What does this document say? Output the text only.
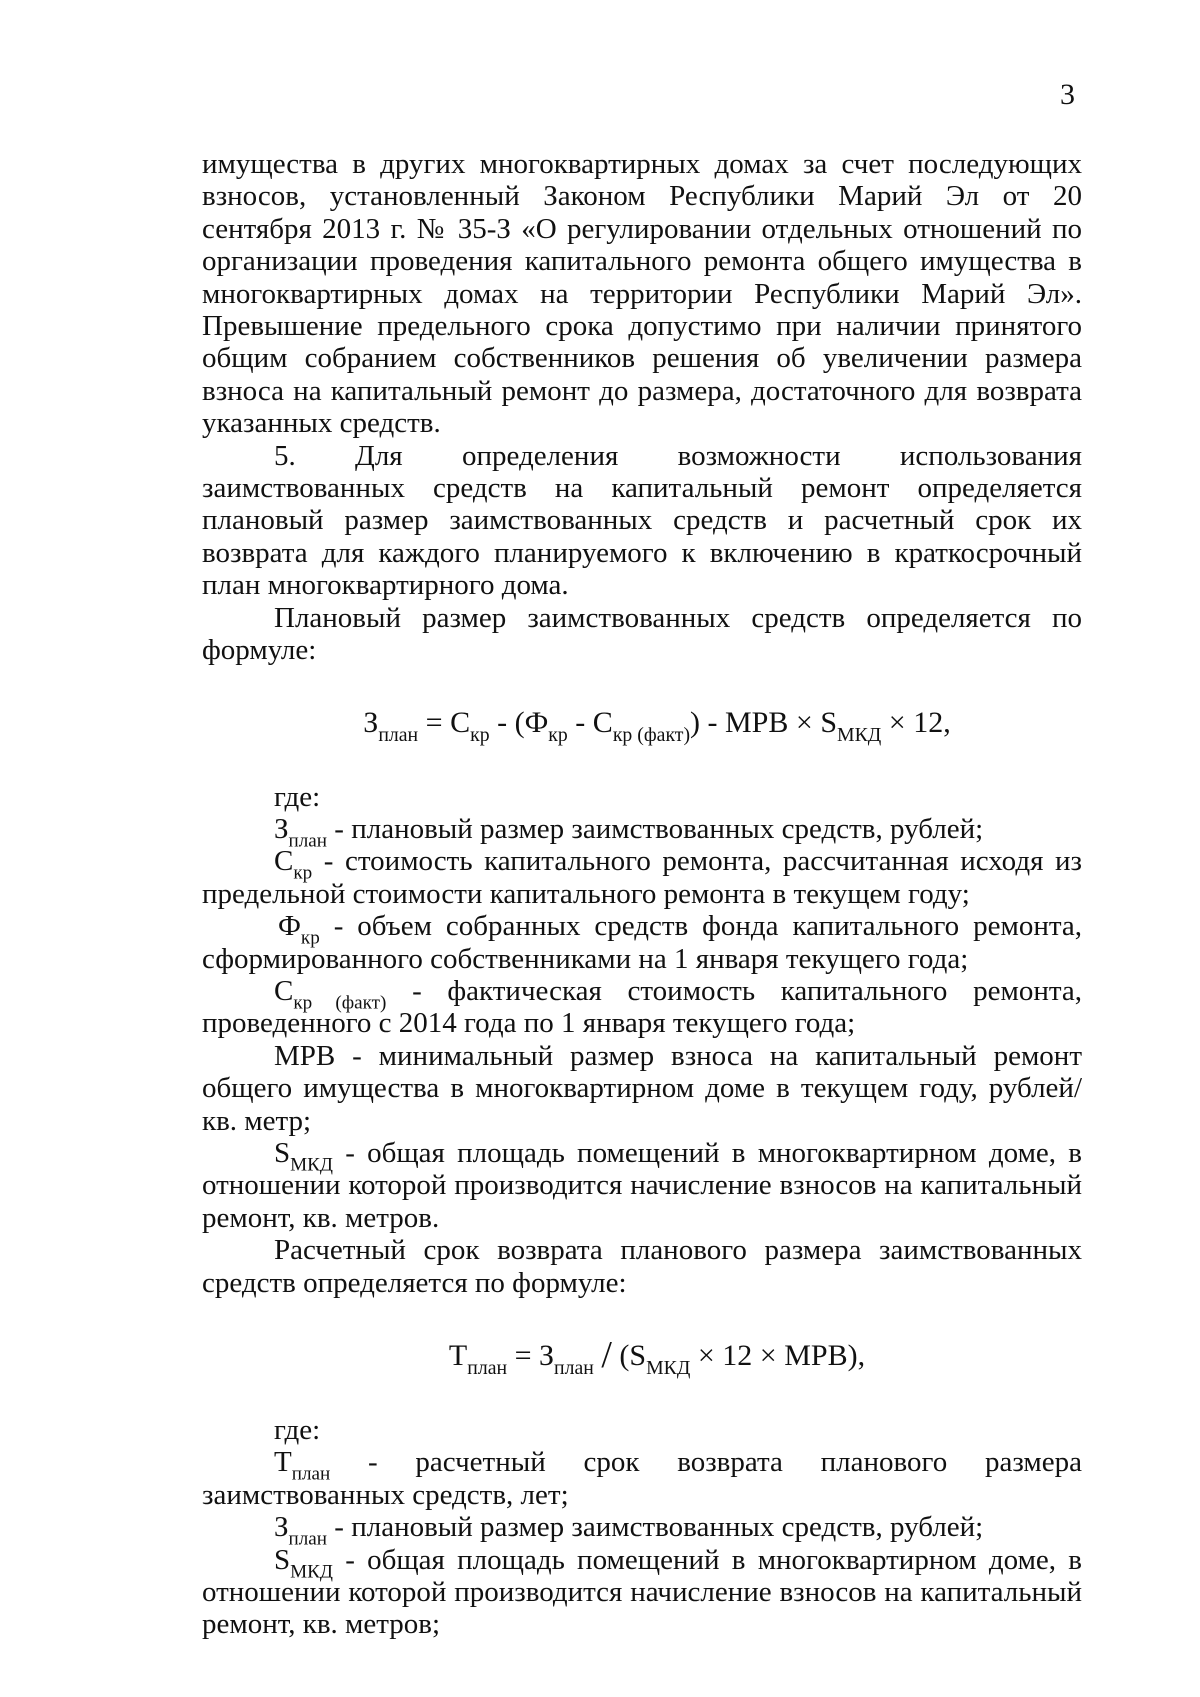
3

имущества в других многоквартирных домах за счет последующих взносов, установленный Законом Республики Марий Эл от 20 сентября 2013 г. № 35-З «О регулировании отдельных отношений по организации проведения капитального ремонта общего имущества в многоквартирных домах на территории Республики Марий Эл». Превышение предельного срока допустимо при наличии принятого общим собранием собственников решения об увеличении размера взноса на капитальный ремонт до размера, достаточного для возврата указанных средств.

5. Для определения возможности использования заимствованных средств на капитальный ремонт определяется плановый размер заимствованных средств и расчетный срок их возврата для каждого планируемого к включению в краткосрочный план многоквартирного дома.

Плановый размер заимствованных средств определяется по формуле:

$З_{план} = С_{кр} - (Ф_{кр} - С_{кр (факт)})$ - МРВ × $S_{МКД} \times 12$,

где:

$З_{план}$ - плановый размер заимствованных средств, рублей;

$С_{кр}$ - стоимость капитального ремонта, рассчитанная исходя из предельной стоимости капитального ремонта в текущем году;

$Ф_{кр}$ - объем собранных средств фонда капитального ремонта, сформированного собственниками на 1 января текущего года;

$С_{кр (факт)}$ - фактическая стоимость капитального ремонта, проведенного с 2014 года по 1 января текущего года;

МРВ - минимальный размер взноса на капитальный ремонт общего имущества в многоквартирном доме в текущем году, рублей/кв. метр;

$S_{МКД}$ - общая площадь помещений в многоквартирном доме, в отношении которой производится начисление взносов на капитальный ремонт, кв. метров.

Расчетный срок возврата планового размера заимствованных средств определяется по формуле:

$Т_{план} = З_{план} / (S_{МКД} \times 12 \times МРВ)$,

где:

$Т_{план}$ - расчетный срок возврата планового размера заимствованных средств, лет;

$З_{план}$ - плановый размер заимствованных средств, рублей;

$S_{МКД}$ - общая площадь помещений в многоквартирном доме, в отношении которой производится начисление взносов на капитальный ремонт, кв. метров;
